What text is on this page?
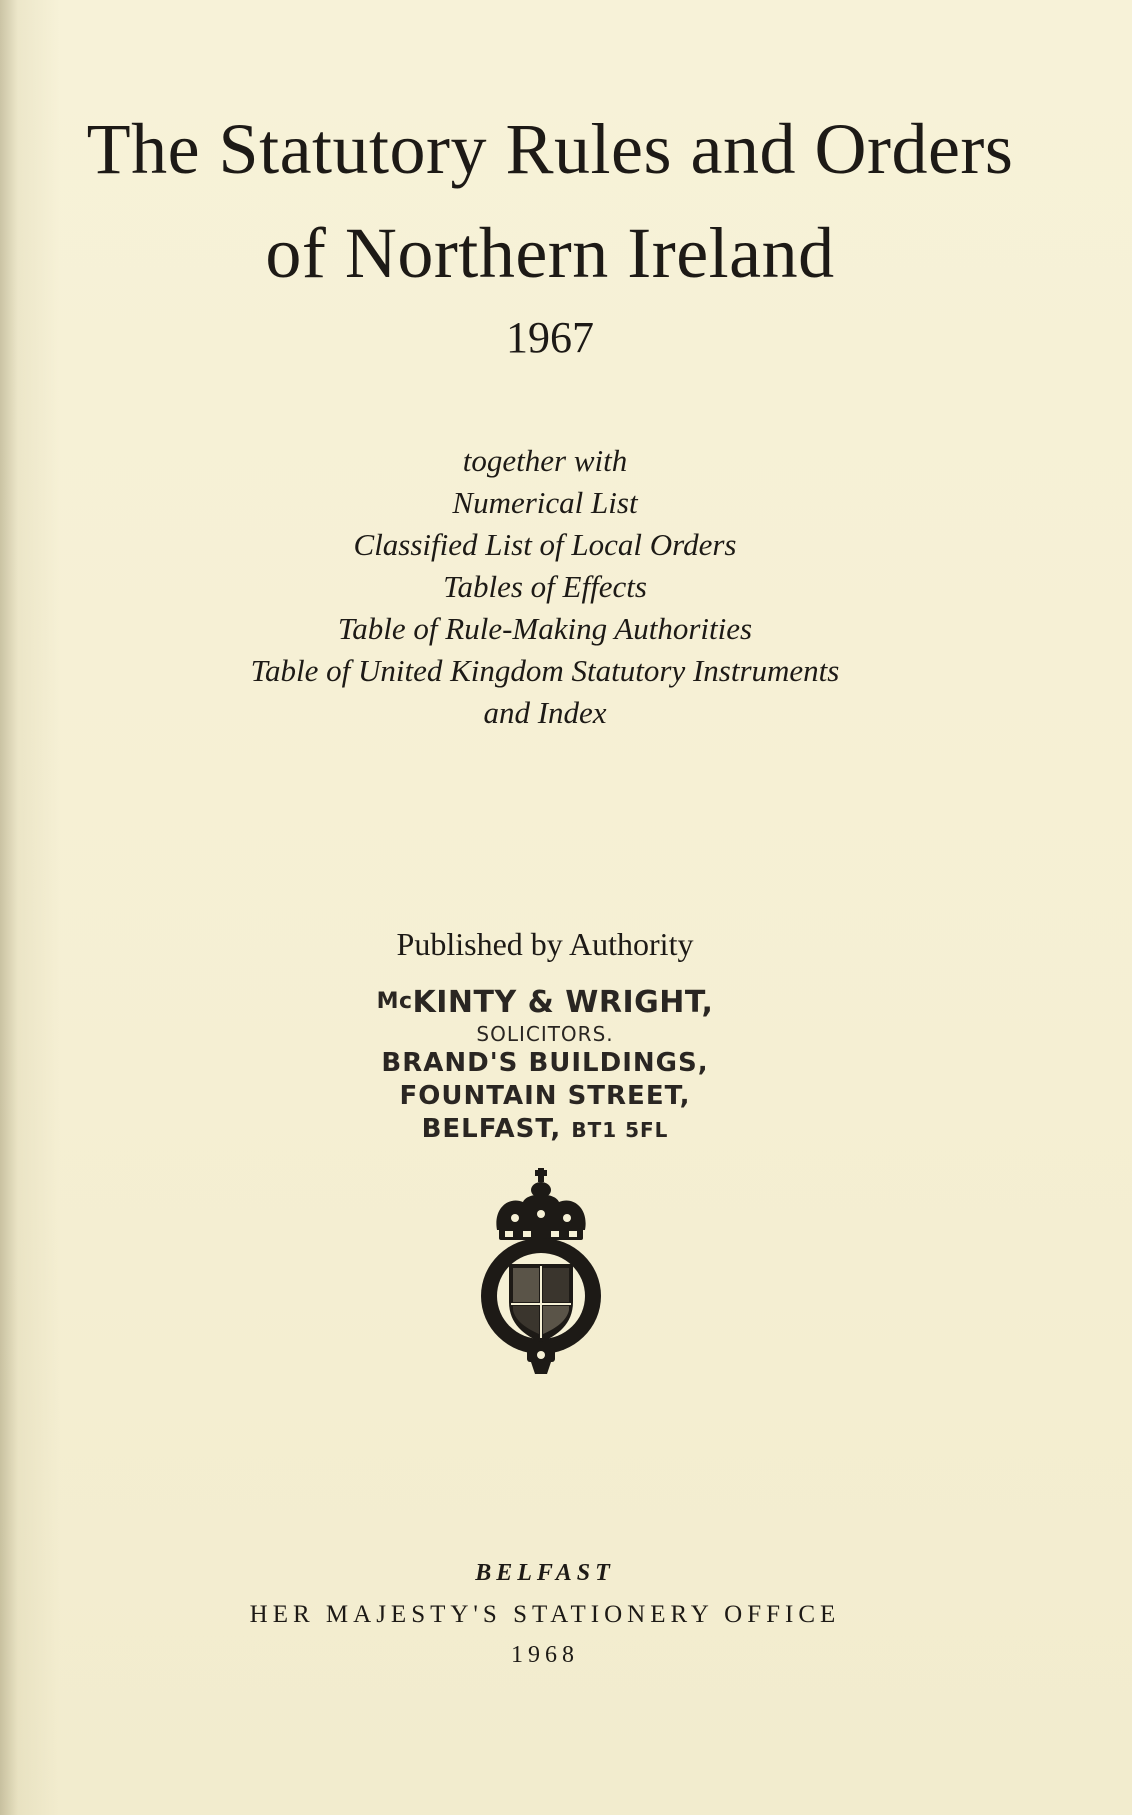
The Statutory Rules and Orders
of Northern Ireland
1967
together with
Numerical List
Classified List of Local Orders
Tables of Effects
Table of Rule-Making Authorities
Table of United Kingdom Statutory Instruments
and Index
Published by Authority
McKINTY & WRIGHT,
SOLICITORS.
BRAND'S BUILDINGS,
FOUNTAIN STREET,
BELFAST, BT1 5FL
BELFAST
HER MAJESTY'S STATIONERY OFFICE
1968
